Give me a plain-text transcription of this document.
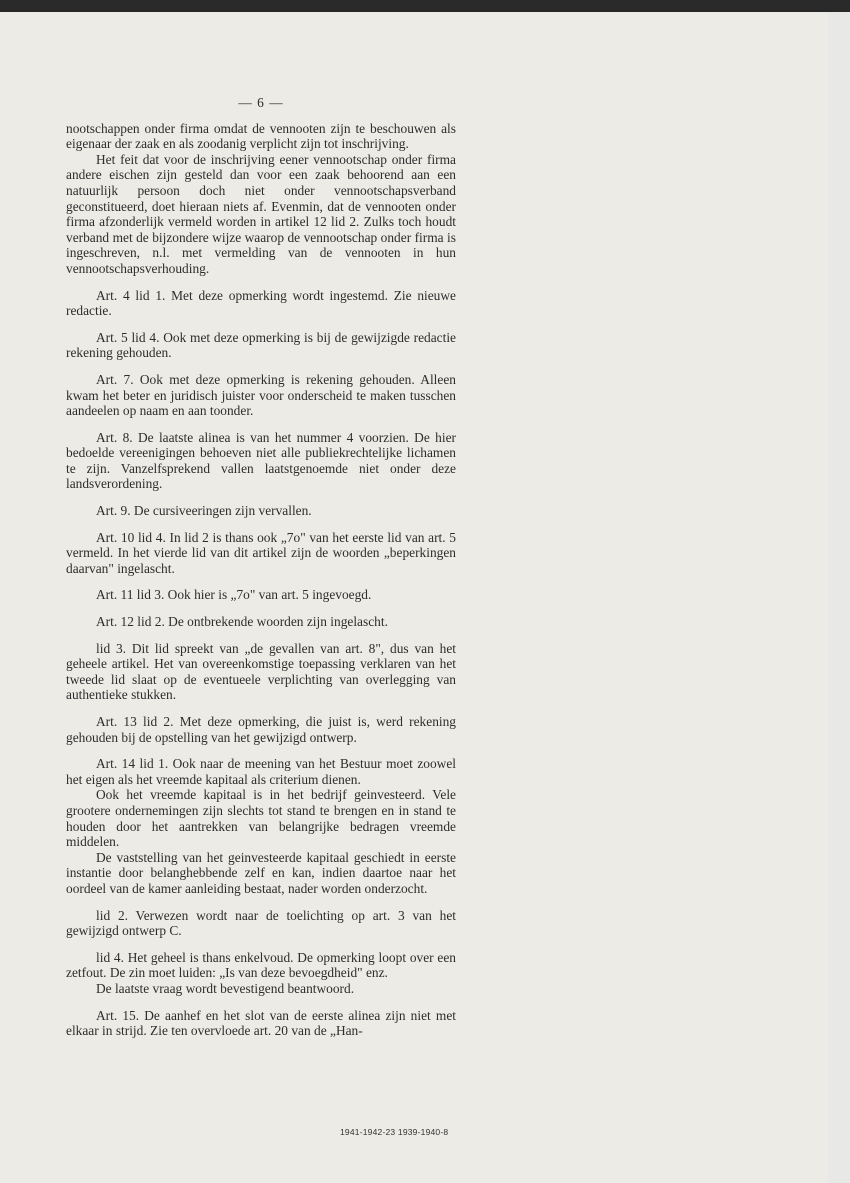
— 6 —

nootschappen onder firma omdat de vennooten zijn te beschouwen als eigenaar der zaak en als zoodanig verplicht zijn tot inschrijving.

Het feit dat voor de inschrijving eener vennootschap onder firma andere eischen zijn gesteld dan voor een zaak behoorend aan een natuurlijk persoon doch niet onder vennootschapsverband geconstitueerd, doet hieraan niets af. Evenmin, dat de vennooten onder firma afzonderlijk vermeld worden in artikel 12 lid 2. Zulks toch houdt verband met de bijzondere wijze waarop de vennootschap onder firma is ingeschreven, n.l. met vermelding van de vennooten in hun vennootschapsverhouding.

Art. 4 lid 1. Met deze opmerking wordt ingestemd. Zie nieuwe redactie.

Art. 5 lid 4. Ook met deze opmerking is bij de gewijzigde redactie rekening gehouden.

Art. 7. Ook met deze opmerking is rekening gehouden. Alleen kwam het beter en juridisch juister voor onderscheid te maken tusschen aandeelen op naam en aan toonder.

Art. 8. De laatste alinea is van het nummer 4 voorzien. De hier bedoelde vereenigingen behoeven niet alle publiekrechtelijke lichamen te zijn. Vanzelfsprekend vallen laatstgenoemde niet onder deze landsverordening.

Art. 9. De cursiveeringen zijn vervallen.

Art. 10 lid 4. In lid 2 is thans ook „7o" van het eerste lid van art. 5 vermeld. In het vierde lid van dit artikel zijn de woorden „beperkingen daarvan" ingelascht.

Art. 11 lid 3. Ook hier is „7o" van art. 5 ingevoegd.

Art. 12 lid 2. De ontbrekende woorden zijn ingelascht.

lid 3. Dit lid spreekt van „de gevallen van art. 8", dus van het geheele artikel. Het van overeenkomstige toepassing verklaren van het tweede lid slaat op de eventueele verplichting van overlegging van authentieke stukken.

Art. 13 lid 2. Met deze opmerking, die juist is, werd rekening gehouden bij de opstelling van het gewijzigd ontwerp.

Art. 14 lid 1. Ook naar de meening van het Bestuur moet zoowel het eigen als het vreemde kapitaal als criterium dienen.

Ook het vreemde kapitaal is in het bedrijf geinvesteerd. Vele grootere ondernemingen zijn slechts tot stand te brengen en in stand te houden door het aantrekken van belangrijke bedragen vreemde middelen.

De vaststelling van het geinvesteerde kapitaal geschiedt in eerste instantie door belanghebbende zelf en kan, indien daartoe naar het oordeel van de kamer aanleiding bestaat, nader worden onderzocht.

lid 2. Verwezen wordt naar de toelichting op art. 3 van het gewijzigd ontwerp C.

lid 4. Het geheel is thans enkelvoud. De opmerking loopt over een zetfout. De zin moet luiden: „Is van deze bevoegdheid" enz.

De laatste vraag wordt bevestigend beantwoord.

Art. 15. De aanhef en het slot van de eerste alinea zijn niet met elkaar in strijd. Zie ten overvloede art. 20 van de „Han-

1941-1942-23 1939-1940-8
